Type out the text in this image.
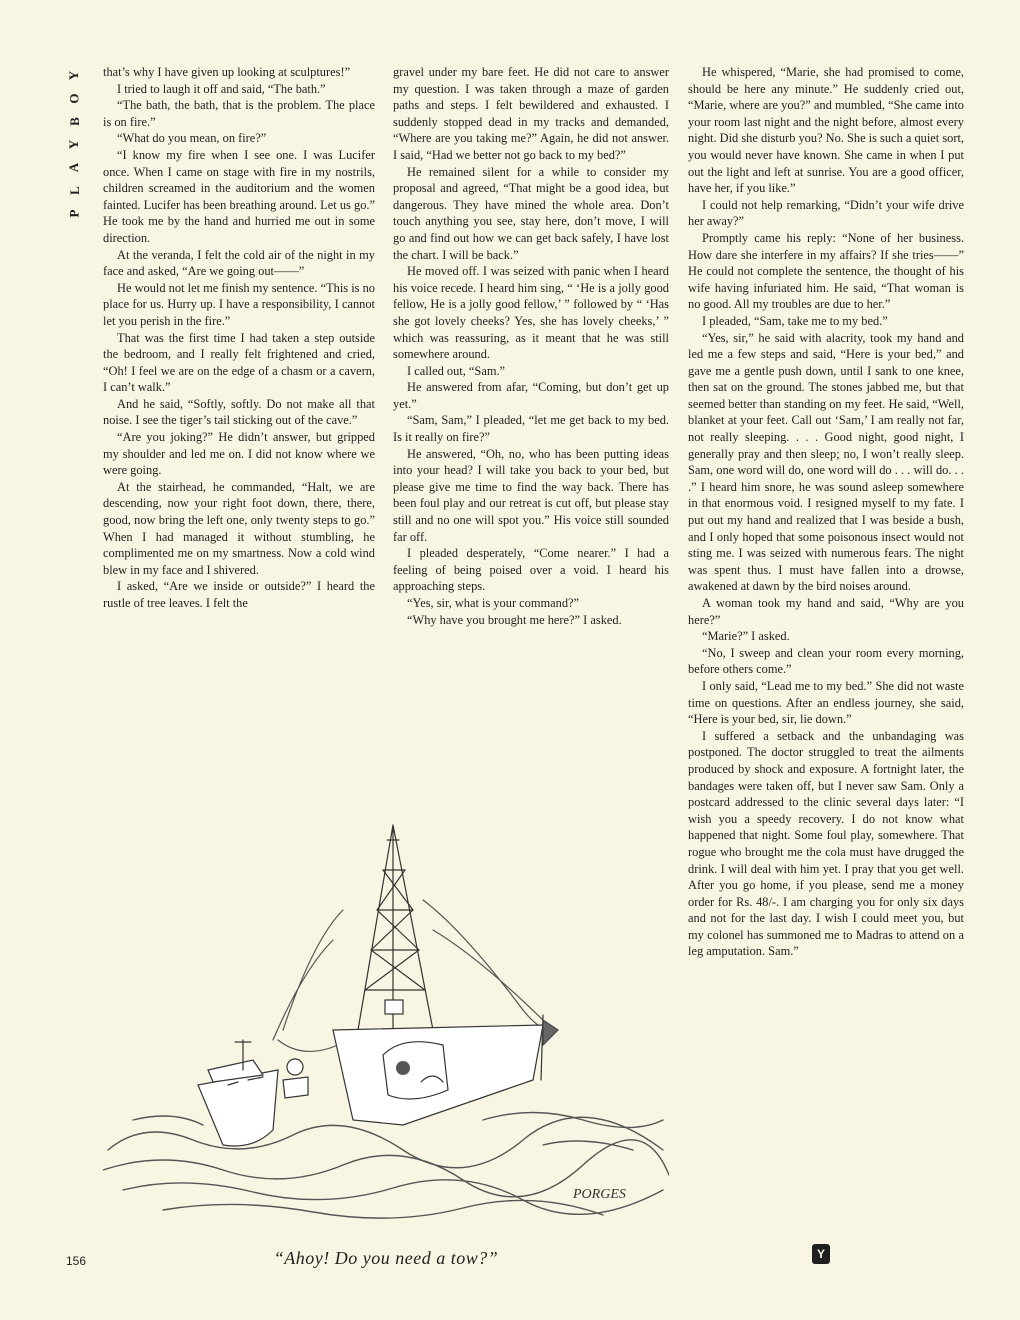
Y
O
B
Y
A
L
P

that’s why I have given up looking at sculptures!”

I tried to laugh it off and said, “The bath.”

“The bath, the bath, that is the problem. The place is on fire.”

“What do you mean, on fire?”

“I know my fire when I see one. I was Lucifer once. When I came on stage with fire in my nostrils, children screamed in the auditorium and the women fainted. Lucifer has been breathing around. Let us go.” He took me by the hand and hurried me out in some direction.

At the veranda, I felt the cold air of the night in my face and asked, “Are we going out——”

He would not let me finish my sentence. “This is no place for us. Hurry up. I have a responsibility, I cannot let you perish in the fire.”

That was the first time I had taken a step outside the bedroom, and I really felt frightened and cried, “Oh! I feel we are on the edge of a chasm or a cavern, I can’t walk.”

And he said, “Softly, softly. Do not make all that noise. I see the tiger’s tail sticking out of the cave.”

“Are you joking?” He didn’t answer, but gripped my shoulder and led me on. I did not know where we were going.

At the stairhead, he commanded, “Halt, we are descending, now your right foot down, there, there, good, now bring the left one, only twenty steps to go.” When I had managed it without stumbling, he complimented me on my smartness. Now a cold wind blew in my face and I shivered.

I asked, “Are we inside or outside?” I heard the rustle of tree leaves. I felt the

gravel under my bare feet. He did not care to answer my question. I was taken through a maze of garden paths and steps. I felt bewildered and exhausted. I suddenly stopped dead in my tracks and demanded, “Where are you taking me?” Again, he did not answer. I said, “Had we better not go back to my bed?”

He remained silent for a while to consider my proposal and agreed, “That might be a good idea, but dangerous. They have mined the whole area. Don’t touch anything you see, stay here, don’t move, I will go and find out how we can get back safely, I have lost the chart. I will be back.”

He moved off. I was seized with panic when I heard his voice recede. I heard him sing, “ ‘He is a jolly good fellow, He is a jolly good fellow,’ ” followed by “ ‘Has she got lovely cheeks? Yes, she has lovely cheeks,’ ” which was reassuring, as it meant that he was still somewhere around.

I called out, “Sam.”

He answered from afar, “Coming, but don’t get up yet.”

“Sam, Sam,” I pleaded, “let me get back to my bed. Is it really on fire?”

He answered, “Oh, no, who has been putting ideas into your head? I will take you back to your bed, but please give me time to find the way back. There has been foul play and our retreat is cut off, but please stay still and no one will spot you.” His voice still sounded far off.

I pleaded desperately, “Come nearer.” I had a feeling of being poised over a void. I heard his approaching steps.

“Yes, sir, what is your command?”

“Why have you brought me here?” I asked.

He whispered, “Marie, she had promised to come, should be here any minute.” He suddenly cried out, “Marie, where are you?” and mumbled, “She came into your room last night and the night before, almost every night. Did she disturb you? No. She is such a quiet sort, you would never have known. She came in when I put out the light and left at sunrise. You are a good officer, have her, if you like.”

I could not help remarking, “Didn’t your wife drive her away?”

Promptly came his reply: “None of her business. How dare she interfere in my affairs? If she tries——” He could not complete the sentence, the thought of his wife having infuriated him. He said, “That woman is no good. All my troubles are due to her.”

I pleaded, “Sam, take me to my bed.”

“Yes, sir,” he said with alacrity, took my hand and led me a few steps and said, “Here is your bed,” and gave me a gentle push down, until I sank to one knee, then sat on the ground. The stones jabbed me, but that seemed better than standing on my feet. He said, “Well, blanket at your feet. Call out ‘Sam,’ I am really not far, not really sleeping. . . . Good night, good night, I generally pray and then sleep; no, I won’t really sleep. Sam, one word will do, one word will do . . . will do. . . .” I heard him snore, he was sound asleep somewhere in that enormous void. I resigned myself to my fate. I put out my hand and realized that I was beside a bush, and I only hoped that some poisonous insect would not sting me. I was seized with numerous fears. The night was spent thus. I must have fallen into a drowse, awakened at dawn by the bird noises around.

A woman took my hand and said, “Why are you here?”

“Marie?” I asked.

“No, I sweep and clean your room every morning, before others come.”

I only said, “Lead me to my bed.” She did not waste time on questions. After an endless journey, she said, “Here is your bed, sir, lie down.”

I suffered a setback and the unbandaging was postponed. The doctor struggled to treat the ailments produced by shock and exposure. A fortnight later, the bandages were taken off, but I never saw Sam. Only a postcard addressed to the clinic several days later: “I wish you a speedy recovery. I do not know what happened that night. Some foul play, somewhere. That rogue who brought me the cola must have drugged the drink. I will deal with him yet. I pray that you get well. After you go home, if you please, send me a money order for Rs. 48/-. I am charging you for only six days and not for the last day. I wish I could meet you, but my colonel has summoned me to Madras to attend on a leg amputation. Sam.”

PORGES
“Ahoy! Do you need a tow?”
156	Y
